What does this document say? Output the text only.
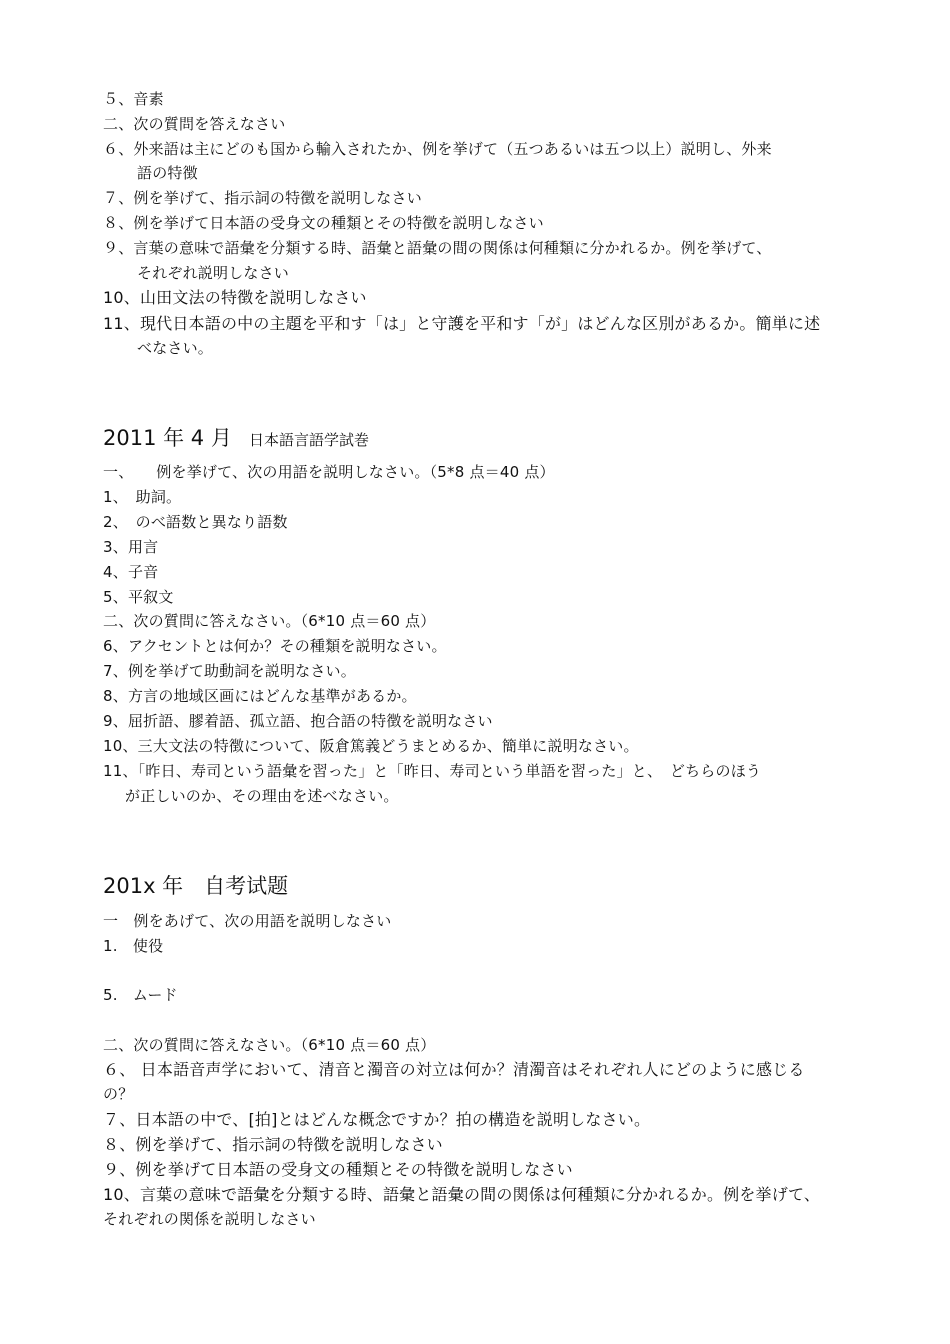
５、音素
二、次の質問を答えなさい
６、外来語は主にどのも国から輸入されたか、例を挙げて（五つあるいは五つ以上）説明し、外来
語の特徴
７、例を挙げて、指示詞の特徴を説明しなさい
８、例を挙げて日本語の受身文の種類とその特徴を説明しなさい
９、言葉の意味で語彙を分類する時、語彙と語彙の間の関係は何種類に分かれるか。例を挙げて、
それぞれ説明しなさい
10、山田文法の特徴を説明しなさい
11、現代日本語の中の主題を平和す「は」と守護を平和す「が」はどんな区別があるか。簡単に述
べなさい。
2011 年 4 月 日本語言語学試巻
一、　　例を挙げて、次の用語を説明しなさい。（5*8 点＝40 点）
1、　助詞。
2、　のべ語数と異なり語数
3、用言
4、子音
5、平叙文
二、次の質問に答えなさい。（6*10 点＝60 点）
6、アクセントとは何か？その種類を説明なさい。
7、例を挙げて助動詞を説明なさい。
8、方言の地域区画にはどんな基準があるか。
9、屈折語、膠着語、孤立語、抱合語の特徴を説明なさい
10、三大文法の特徴について、阪倉篤義どうまとめるか、簡単に説明なさい。
11、「昨日、寿司という語彙を習った」と「昨日、寿司という単語を習った」と、　どちらのほう
が正しいのか、その理由を述べなさい。
201x 年　自考试题
一　例をあげて、次の用語を説明しなさい
1.　使役
5.　ムード
二、次の質問に答えなさい。（6*10 点＝60 点）
６、 日本語音声学において、清音と濁音の対立は何か？清濁音はそれぞれ人にどのように感じる
の？
７、日本語の中で、[拍]とはどんな概念ですか？拍の構造を説明しなさい。
８、例を挙げて、指示詞の特徴を説明しなさい
９、例を挙げて日本語の受身文の種類とその特徴を説明しなさい
10、言葉の意味で語彙を分類する時、語彙と語彙の間の関係は何種類に分かれるか。例を挙げて、
それぞれの関係を説明しなさい
